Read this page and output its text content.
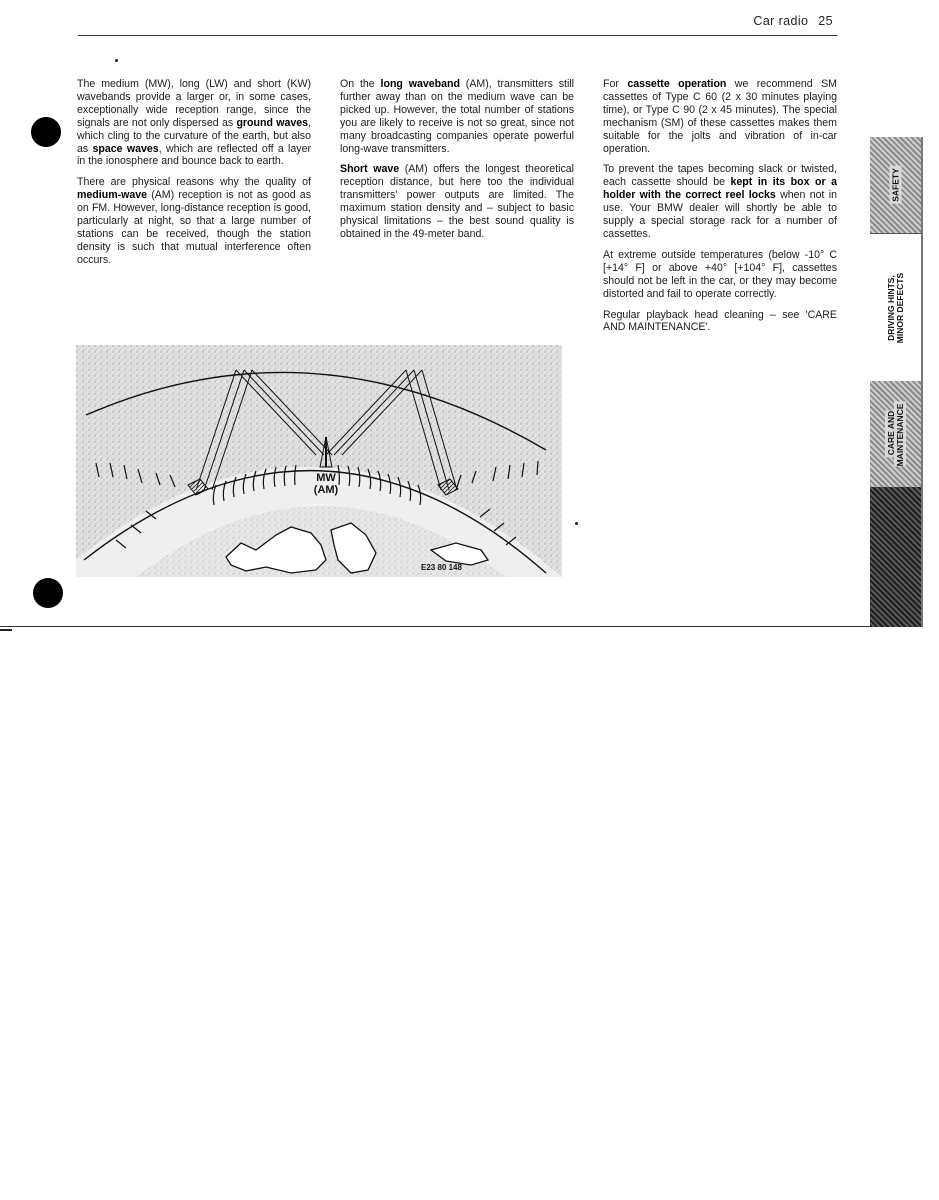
Car radio 25

The medium (MW), long (LW) and short (KW) wavebands provide a larger or, in some cases, exceptionally wide reception range, since the signals are not only dispersed as ground waves, which cling to the curvature of the earth, but also as space waves, which are reflected off a layer in the ionosphere and bounce back to earth.

There are physical reasons why the quality of medium-wave (AM) reception is not as good as on FM. However, long-distance reception is good, particularly at night, so that a large number of stations can be received, though the station density is such that mutual interference often occurs.

On the long waveband (AM), transmitters still further away than on the medium wave can be picked up. However, the total number of stations you are likely to receive is not so great, since not many broadcasting companies operate powerful long-wave transmitters.

Short wave (AM) offers the longest theoretical reception distance, but here too the individual transmitters' power outputs are limited. The maximum station density and – subject to basic physical limitations – the best sound quality is obtained in the 49-meter band.

For cassette operation we recommend SM cassettes of Type C 60 (2 x 30 minutes playing time), or Type C 90 (2 x 45 minutes). The special mechanism (SM) of these cassettes makes them suitable for the jolts and vibration of in-car operation.

To prevent the tapes becoming slack or twisted, each cassette should be kept in its box or a holder with the correct reel locks when not in use. Your BMW dealer will shortly be able to supply a special storage rack for a number of cassettes.

At extreme outside temperatures (below -10° C [+14° F] or above +40° [+104° F], cassettes should not be left in the car, or they may become distorted and fail to operate correctly.

Regular playback head cleaning – see 'CARE AND MAINTENANCE'.

MW
(AM)
E23 80 148
SAFETY
DRIVING HINTS,
MINOR DEFECTS
CARE AND
MAINTENANCE
